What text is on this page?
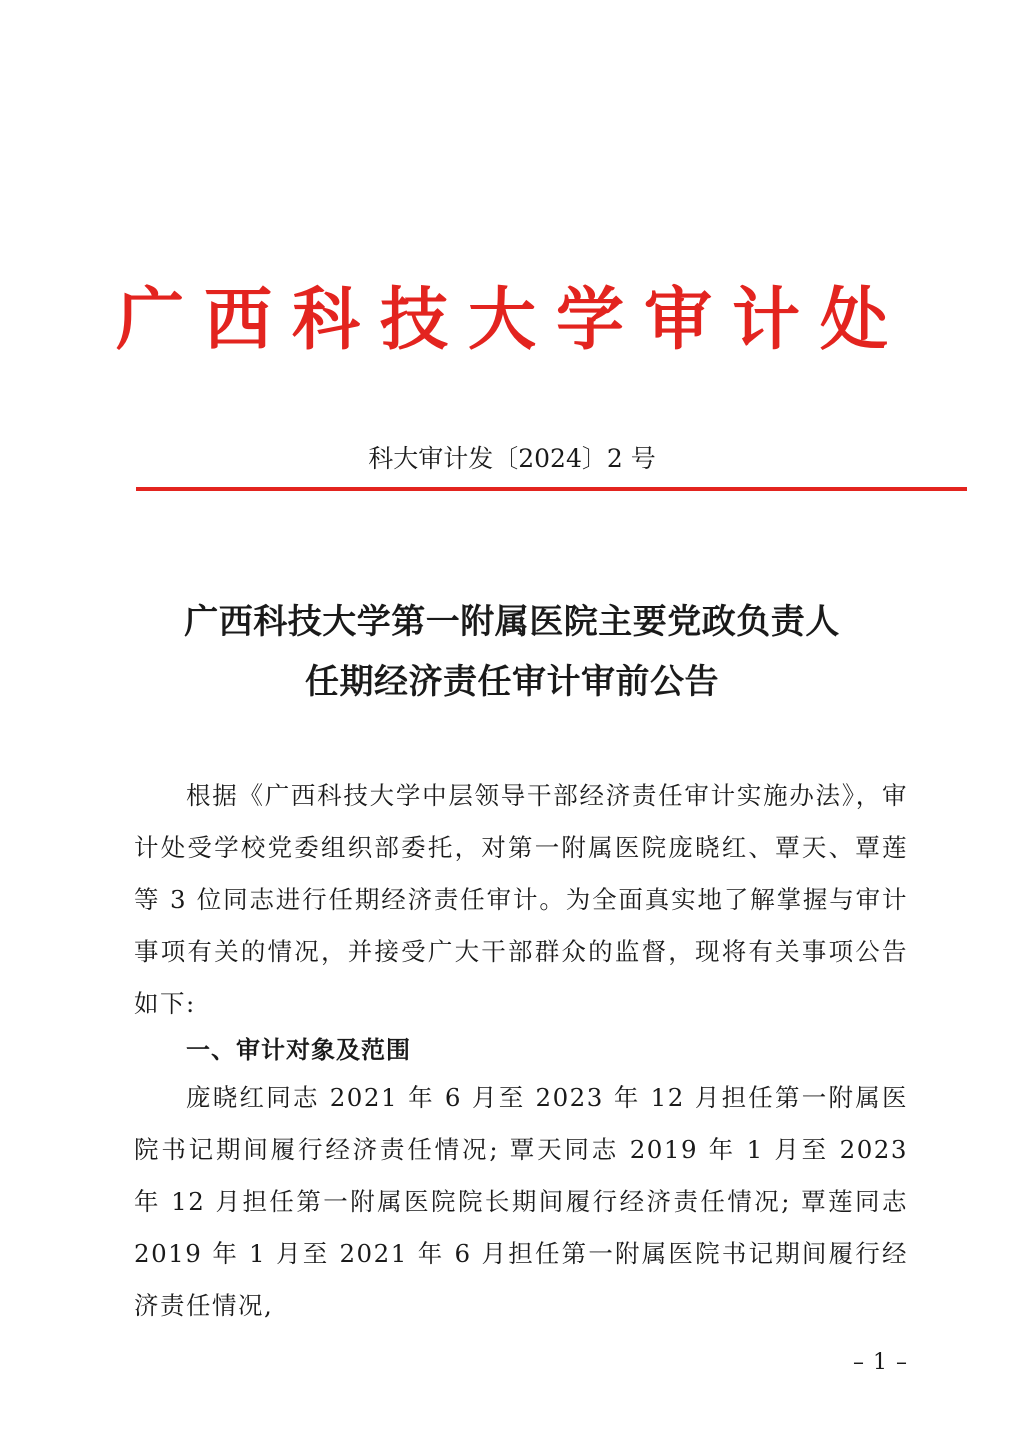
广西科技大学审计处
科大审计发〔2024〕2 号
广西科技大学第一附属医院主要党政负责人
任期经济责任审计审前公告
根据《广西科技大学中层领导干部经济责任审计实施办法》，审计处受学校党委组织部委托，对第一附属医院庞晓红、覃天、覃莲等 3 位同志进行任期经济责任审计。为全面真实地了解掌握与审计事项有关的情况，并接受广大干部群众的监督，现将有关事项公告如下:
一、审计对象及范围
庞晓红同志 2021 年 6 月至 2023 年 12 月担任第一附属医院书记期间履行经济责任情况; 覃天同志 2019 年 1 月至 2023 年 12 月担任第一附属医院院长期间履行经济责任情况; 覃莲同志 2019 年 1 月至 2021 年 6 月担任第一附属医院书记期间履行经济责任情况,
– 1 –
